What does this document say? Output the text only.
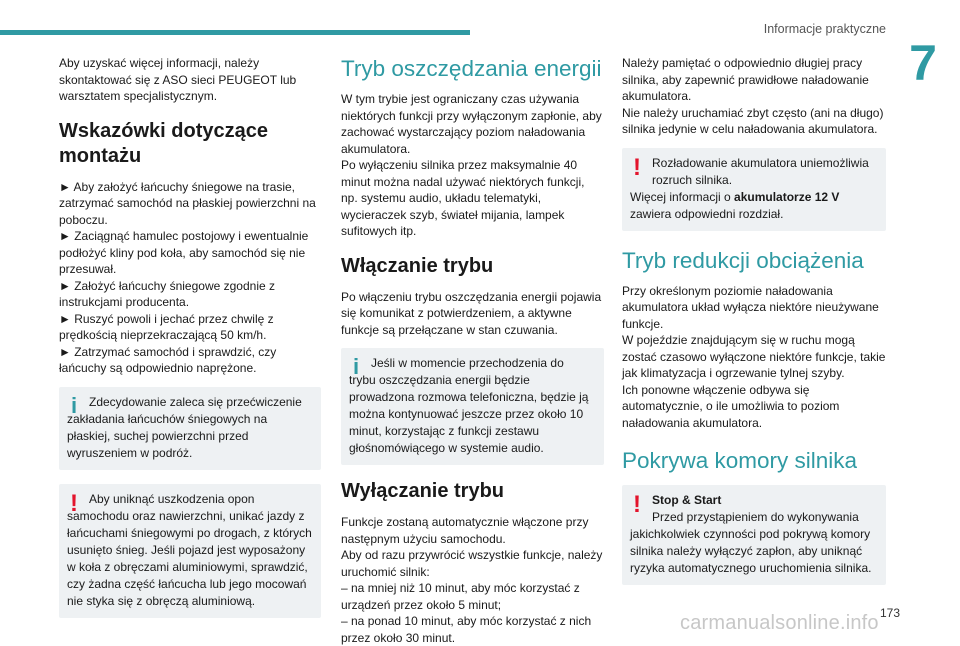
Informacje praktyczne
7

Aby uzyskać więcej informacji, należy skontaktować się z ASO sieci PEUGEOT lub warsztatem specjalistycznym.

Wskazówki dotyczące montażu

► Aby założyć łańcuchy śniegowe na trasie, zatrzymać samochód na płaskiej powierzchni na poboczu.

► Zaciągnąć hamulec postojowy i ewentualnie podłożyć kliny pod koła, aby samochód się nie przesuwał.

► Założyć łańcuchy śniegowe zgodnie z instrukcjami producenta.

► Ruszyć powoli i jechać przez chwilę z prędkością nieprzekraczającą 50 km/h.

► Zatrzymać samochód i sprawdzić, czy łańcuchy są odpowiednio naprężone.

i Zdecydowanie zaleca się przećwiczenie

zakładania łańcuchów śniegowych na płaskiej, suchej powierzchni przed wyruszeniem w podróż.

! Aby uniknąć uszkodzenia opon

samochodu oraz nawierzchni, unikać jazdy z łańcuchami śniegowymi po drogach, z których usunięto śnieg. Jeśli pojazd jest wyposażony w koła z obręczami aluminiowymi, sprawdzić, czy żadna część łańcucha lub jego mocowań nie styka się z obręczą aluminiową.

Tryb oszczędzania energii

W tym trybie jest ograniczany czas używania niektórych funkcji przy wyłączonym zapłonie, aby zachować wystarczający poziom naładowania akumulatora.

Po wyłączeniu silnika przez maksymalnie 40 minut można nadal używać niektórych funkcji, np. systemu audio, układu telematyki, wycieraczek szyb, świateł mijania, lampek sufitowych itp.

Włączanie trybu

Po włączeniu trybu oszczędzania energii pojawia się komunikat z potwierdzeniem, a aktywne funkcje są przełączane w stan czuwania.

i Jeśli w momencie przechodzenia do

trybu oszczędzania energii będzie prowadzona rozmowa telefoniczna, będzie ją można kontynuować jeszcze przez około 10 minut, korzystając z funkcji zestawu głośnomówiącego w systemie audio.

Wyłączanie trybu

Funkcje zostaną automatycznie włączone przy następnym użyciu samochodu.

Aby od razu przywrócić wszystkie funkcje, należy uruchomić silnik:

– na mniej niż 10 minut, aby móc korzystać z urządzeń przez około 5 minut;

– na ponad 10 minut, aby móc korzystać z nich przez około 30 minut.

Należy pamiętać o odpowiednio długiej pracy silnika, aby zapewnić prawidłowe naładowanie akumulatora.

Nie należy uruchamiać zbyt często (ani na długo) silnika jedynie w celu naładowania akumulatora.

! Rozładowanie akumulatora uniemożliwia

rozruch silnika.

Więcej informacji o akumulatorze 12 V zawiera odpowiedni rozdział.

Tryb redukcji obciążenia

Przy określonym poziomie naładowania akumulatora układ wyłącza niektóre nieużywane funkcje.

W pojeździe znajdującym się w ruchu mogą zostać czasowo wyłączone niektóre funkcje, takie jak klimatyzacja i ogrzewanie tylnej szyby.

Ich ponowne włączenie odbywa się automatycznie, o ile umożliwia to poziom naładowania akumulatora.

Pokrywa komory silnika
! Stop & Start

Przed przystąpieniem do wykonywania

jakichkolwiek czynności pod pokrywą komory silnika należy wyłączyć zapłon, aby uniknąć ryzyka automatycznego uruchomienia silnika.

carmanualsonline.info 173
